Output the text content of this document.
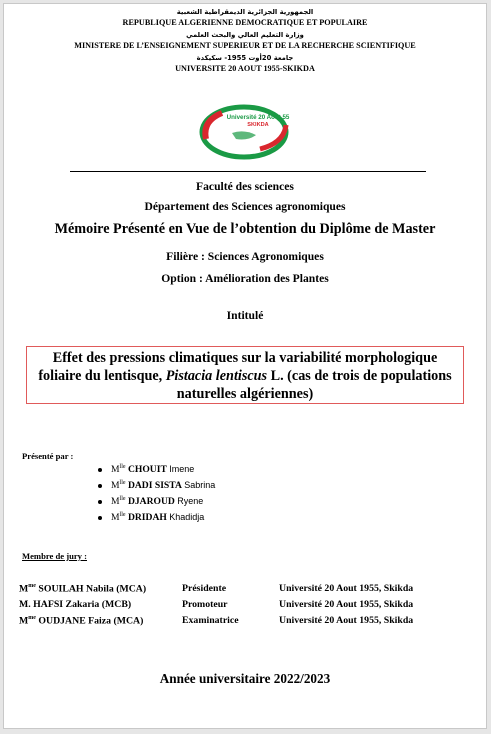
الجمهورية الجزائرية الديمقراطية الشعبية
REPUBLIQUE ALGERIENNE DEMOCRATIQUE ET POPULAIRE
وزارة التعليم العالي والبحث العلمي
MINISTERE DE L’ENSEIGNEMENT SUPERIEUR ET DE LA RECHERCHE SCIENTIFIQUE
جامعة 20أوت 1955- سكيكدة
UNIVERSITE 20 AOUT 1955-SKIKDA
Université 20 Août 55
SKIKDA
Faculté des sciences
Département des Sciences agronomiques
Mémoire Présenté en Vue de l’obtention du Diplôme de Master
Filière : Sciences Agronomiques
Option : Amélioration des Plantes
Intitulé
Effet des pressions climatiques sur la variabilité morphologique
foliaire du lentisque, Pistacia lentiscus L. (cas de trois de populations
naturelles algériennes)
Présenté par :
$M^{lle}$ CHOUIT Imene
$M^{lle}$ DADI SISTA Sabrina
$M^{lle}$ DJAROUD Ryene
$M^{lle}$ DRIDAH Khadidja
Membre de jury :
$M^{me}$ SOUILAH Nabila (MCA)	Présidente	Université 20 Aout 1955, Skikda
M. HAFSI Zakaria (MCB)	Promoteur	Université 20 Aout 1955, Skikda
$M^{me}$ OUDJANE Faiza (MCA)	Examinatrice	Université 20 Aout 1955, Skikda
Année universitaire 2022/2023
